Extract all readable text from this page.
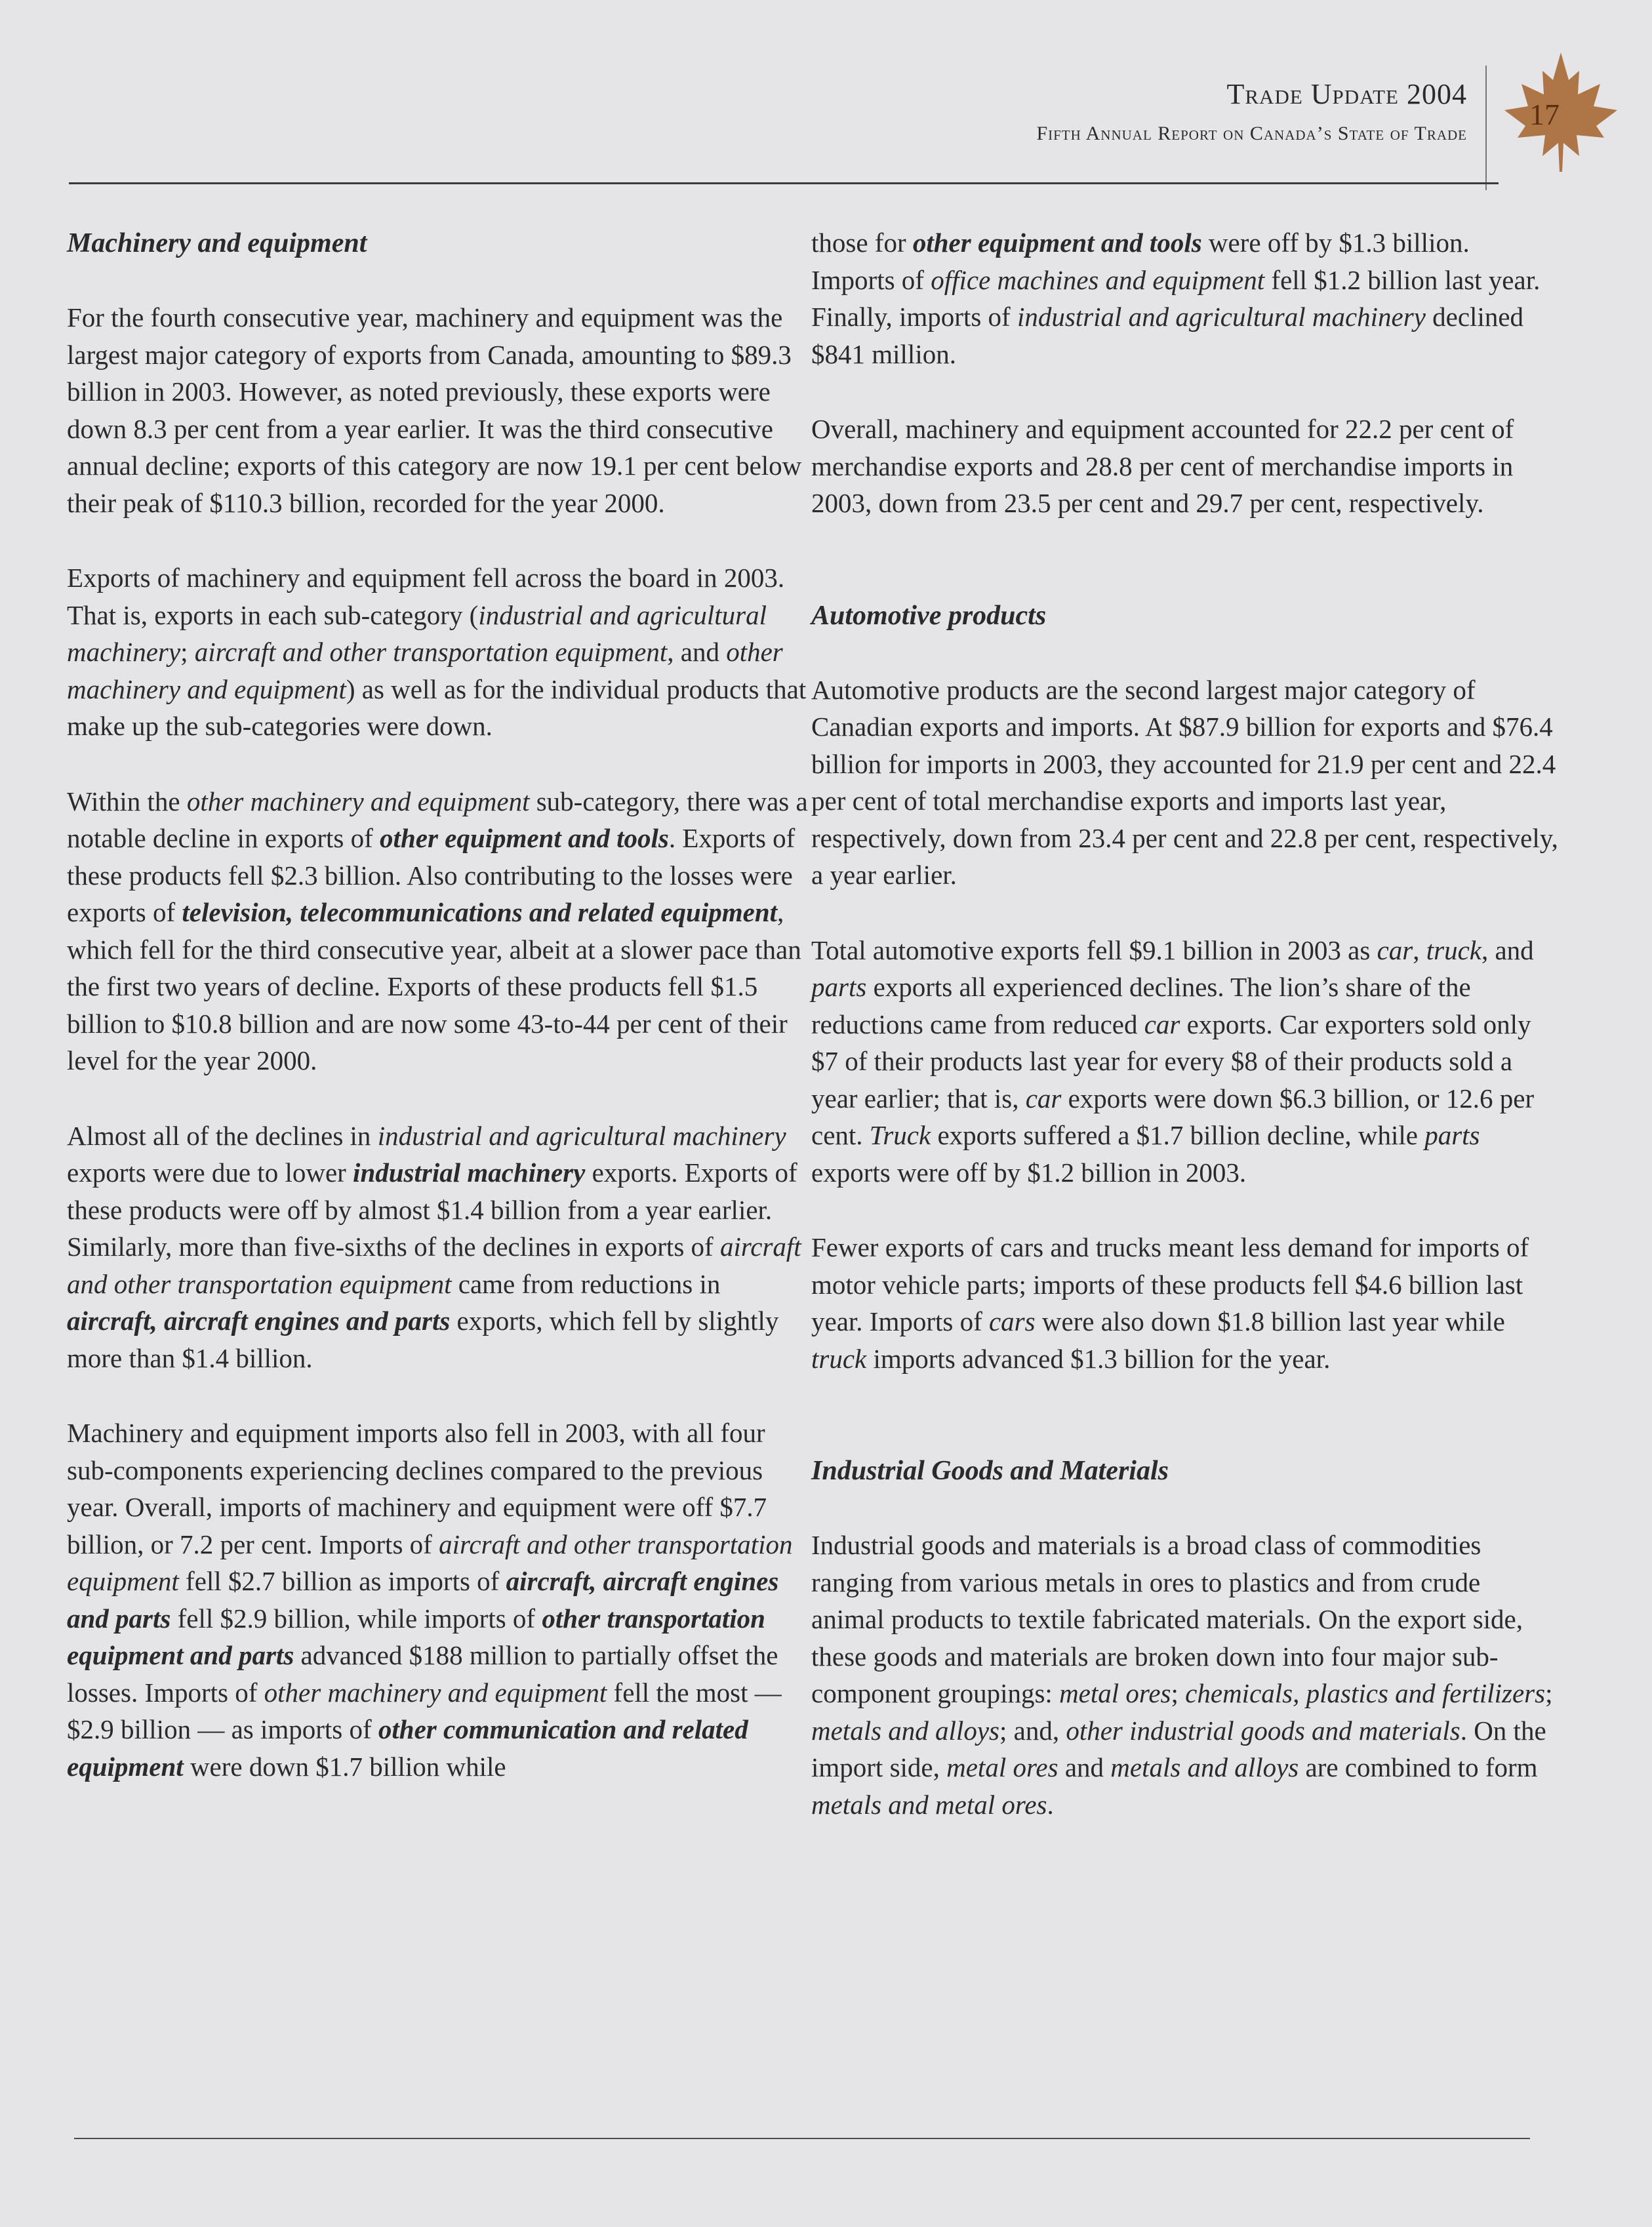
Trade Update 2004
Fifth Annual Report on Canada’s State of Trade
17
Machinery and equipment

For the fourth consecutive year, machinery and equipment was the largest major category of exports from Canada, amounting to $89.3 billion in 2003. However, as noted previously, these exports were down 8.3 per cent from a year earlier. It was the third consecutive annual decline; exports of this category are now 19.1 per cent below their peak of $110.3 billion, recorded for the year 2000.

Exports of machinery and equipment fell across the board in 2003. That is, exports in each sub-category (industrial and agricultural machinery; aircraft and other transportation equipment, and other machinery and equipment) as well as for the individual products that make up the sub-categories were down.

Within the other machinery and equipment sub-category, there was a notable decline in exports of other equipment and tools. Exports of these products fell $2.3 billion. Also contributing to the losses were exports of television, telecommunications and related equipment, which fell for the third consecutive year, albeit at a slower pace than the first two years of decline. Exports of these products fell $1.5 billion to $10.8 billion and are now some 43-to-44 per cent of their level for the year 2000.

Almost all of the declines in industrial and agricultural machinery exports were due to lower industrial machinery exports. Exports of these products were off by almost $1.4 billion from a year earlier. Similarly, more than five-sixths of the declines in exports of aircraft and other transportation equipment came from reductions in aircraft, aircraft engines and parts exports, which fell by slightly more than $1.4 billion.

Machinery and equipment imports also fell in 2003, with all four sub-components experiencing declines compared to the previous year. Overall, imports of machinery and equipment were off $7.7 billion, or 7.2 per cent. Imports of aircraft and other transportation equipment fell $2.7 billion as imports of aircraft, aircraft engines and parts fell $2.9 billion, while imports of other transportation equipment and parts advanced $188 million to partially offset the losses. Imports of other machinery and equipment fell the most — $2.9 billion — as imports of other communication and related equipment were down $1.7 billion while

those for other equipment and tools were off by $1.3 billion. Imports of office machines and equipment fell $1.2 billion last year. Finally, imports of industrial and agricultural machinery declined $841 million.

Overall, machinery and equipment accounted for 22.2 per cent of merchandise exports and 28.8 per cent of merchandise imports in 2003, down from 23.5 per cent and 29.7 per cent, respectively.

Automotive products

Automotive products are the second largest major category of Canadian exports and imports. At $87.9 billion for exports and $76.4 billion for imports in 2003, they accounted for 21.9 per cent and 22.4 per cent of total merchandise exports and imports last year, respectively, down from 23.4 per cent and 22.8 per cent, respectively, a year earlier.

Total automotive exports fell $9.1 billion in 2003 as car, truck, and parts exports all experienced declines. The lion’s share of the reductions came from reduced car exports. Car exporters sold only $7 of their products last year for every $8 of their products sold a year earlier; that is, car exports were down $6.3 billion, or 12.6 per cent. Truck exports suffered a $1.7 billion decline, while parts exports were off by $1.2 billion in 2003.

Fewer exports of cars and trucks meant less demand for imports of motor vehicle parts; imports of these products fell $4.6 billion last year. Imports of cars were also down $1.8 billion last year while truck imports advanced $1.3 billion for the year.

Industrial Goods and Materials

Industrial goods and materials is a broad class of commodities ranging from various metals in ores to plastics and from crude animal products to textile fabricated materials. On the export side, these goods and materials are broken down into four major sub-component groupings: metal ores; chemicals, plastics and fertilizers; metals and alloys; and, other industrial goods and materials. On the import side, metal ores and metals and alloys are combined to form metals and metal ores.
